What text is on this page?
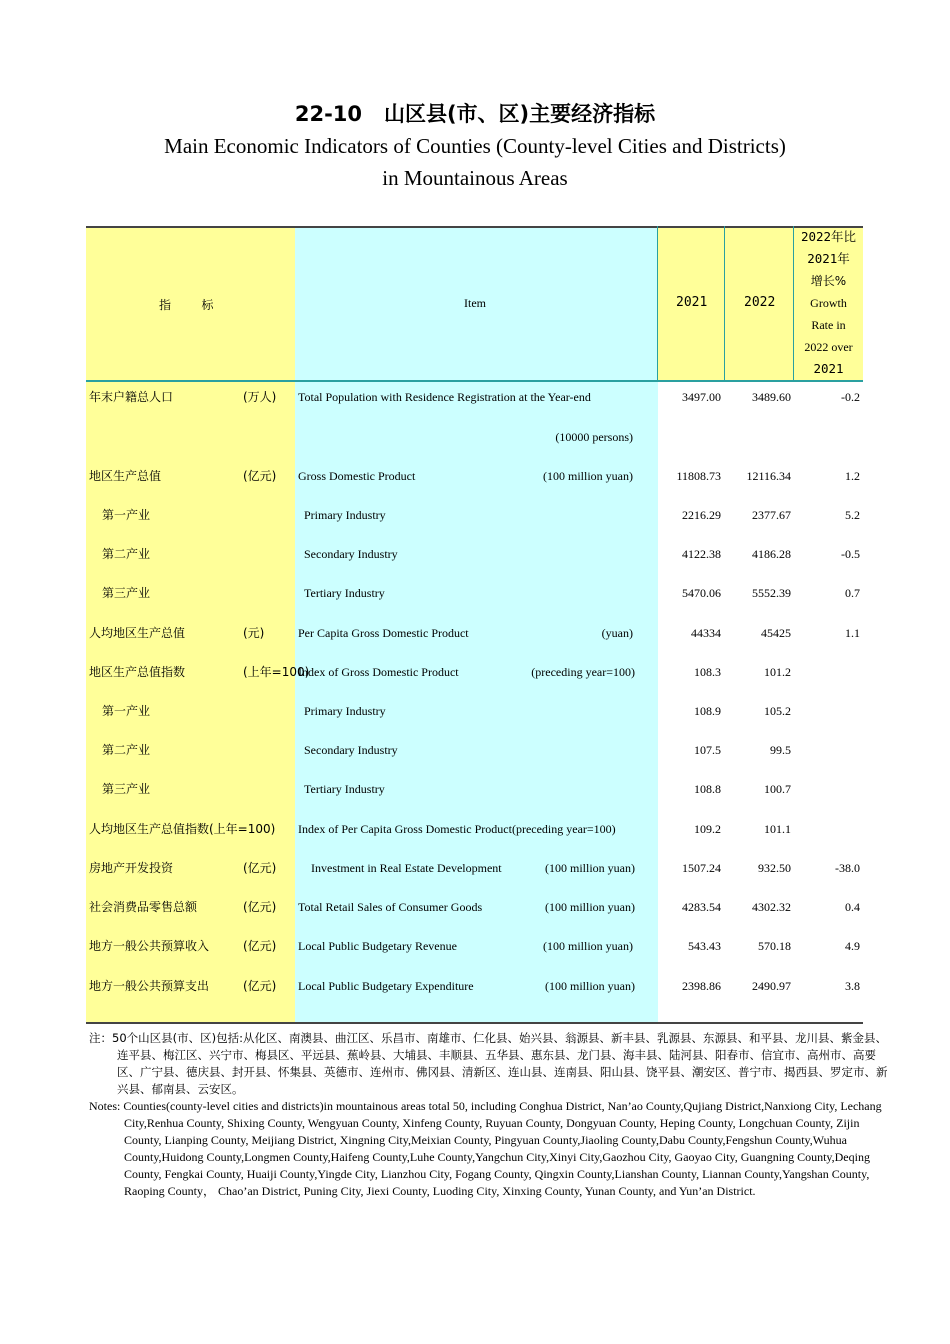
22-10   山区县(市、区)主要经济指标
Main Economic Indicators of Counties (County-level Cities and Districts)
in Mountainous Areas
指        标	Item	2021	2022
2022年比
2021年
增长%
Growth
Rate in
2022 over
2021
年末户籍总人口	(万人) Total Population with Residence Registration at the Year-end	3497.00	3489.60	-0.2
(10000 persons)
地区生产总值	(亿元) Gross Domestic Product	(100 million yuan)	11808.73 12116.34	1.2
第一产业	Primary Industry	2216.29	2377.67	5.2
第二产业	Secondary Industry	4122.38	4186.28	-0.5
第三产业	Tertiary Industry	5470.06	5552.39	0.7
人均地区生产总值	(元)	Per Capita Gross Domestic Product	(yuan)	44334	45425	1.1
地区生产总值指数	(上年=100)
Index of Gross Domestic Product	(preceding year=100)	108.3	101.2
第一产业	Primary Industry	108.9	105.2
第二产业	Secondary Industry	107.5	99.5
第三产业	Tertiary Industry	108.8	100.7
人均地区生产总值指数(上年=100) Index of Per Capita Gross Domestic Product(preceding year=100)	109.2	101.1
房地产开发投资	(亿元)	Investment in Real Estate Development	(100 million yuan)	1507.24	932.50	-38.0
社会消费品零售总额	(亿元) Total Retail Sales of Consumer Goods	(100 million yuan)	4283.54	4302.32	0.4
地方一般公共预算收入	(亿元) Local Public Budgetary Revenue	(100 million yuan)	543.43	570.18	4.9
地方一般公共预算支出	(亿元) Local Public Budgetary Expenditure	(100 million yuan)	2398.86	2490.97	3.8
注：50个山区县(市、区)包括:从化区、南澳县、曲江区、乐昌市、南雄市、仁化县、始兴县、翁源县、新丰县、乳源县、东源县、和平县、龙川县、紫金县、连平县、梅江区、兴宁市、梅县区、平远县、蕉岭县、大埔县、丰顺县、五华县、惠东县、龙门县、海丰县、陆河县、阳春市、信宜市、高州市、高要区、广宁县、德庆县、封开县、怀集县、英德市、连州市、佛冈县、清新区、连山县、连南县、阳山县、饶平县、潮安区、普宁市、揭西县、罗定市、新兴县、郁南县、云安区。
Notes: Counties(county-level cities and districts)in mountainous areas total 50, including Conghua District, Nan’ao County,Qujiang District,Nanxiong City, Lechang City,Renhua County, Shixing County, Wengyuan County, Xinfeng County, Ruyuan County, Dongyuan County, Heping County, Longchuan County, Zijin County, Lianping County, Meijiang District, Xingning City,Meixian County, Pingyuan County,Jiaoling County,Dabu County,Fengshun County,Wuhua County,Huidong County,Longmen County,Haifeng County,Luhe County,Yangchun City,Xinyi City,Gaozhou City, Gaoyao City, Guangning County,Deqing County, Fengkai County, Huaiji County,Yingde City, Lianzhou City, Fogang County, Qingxin County,Lianshan County, Liannan County,Yangshan County, Raoping County， Chao’an District, Puning City, Jiexi County, Luoding City, Xinxing County, Yunan County, and Yun’an District.
